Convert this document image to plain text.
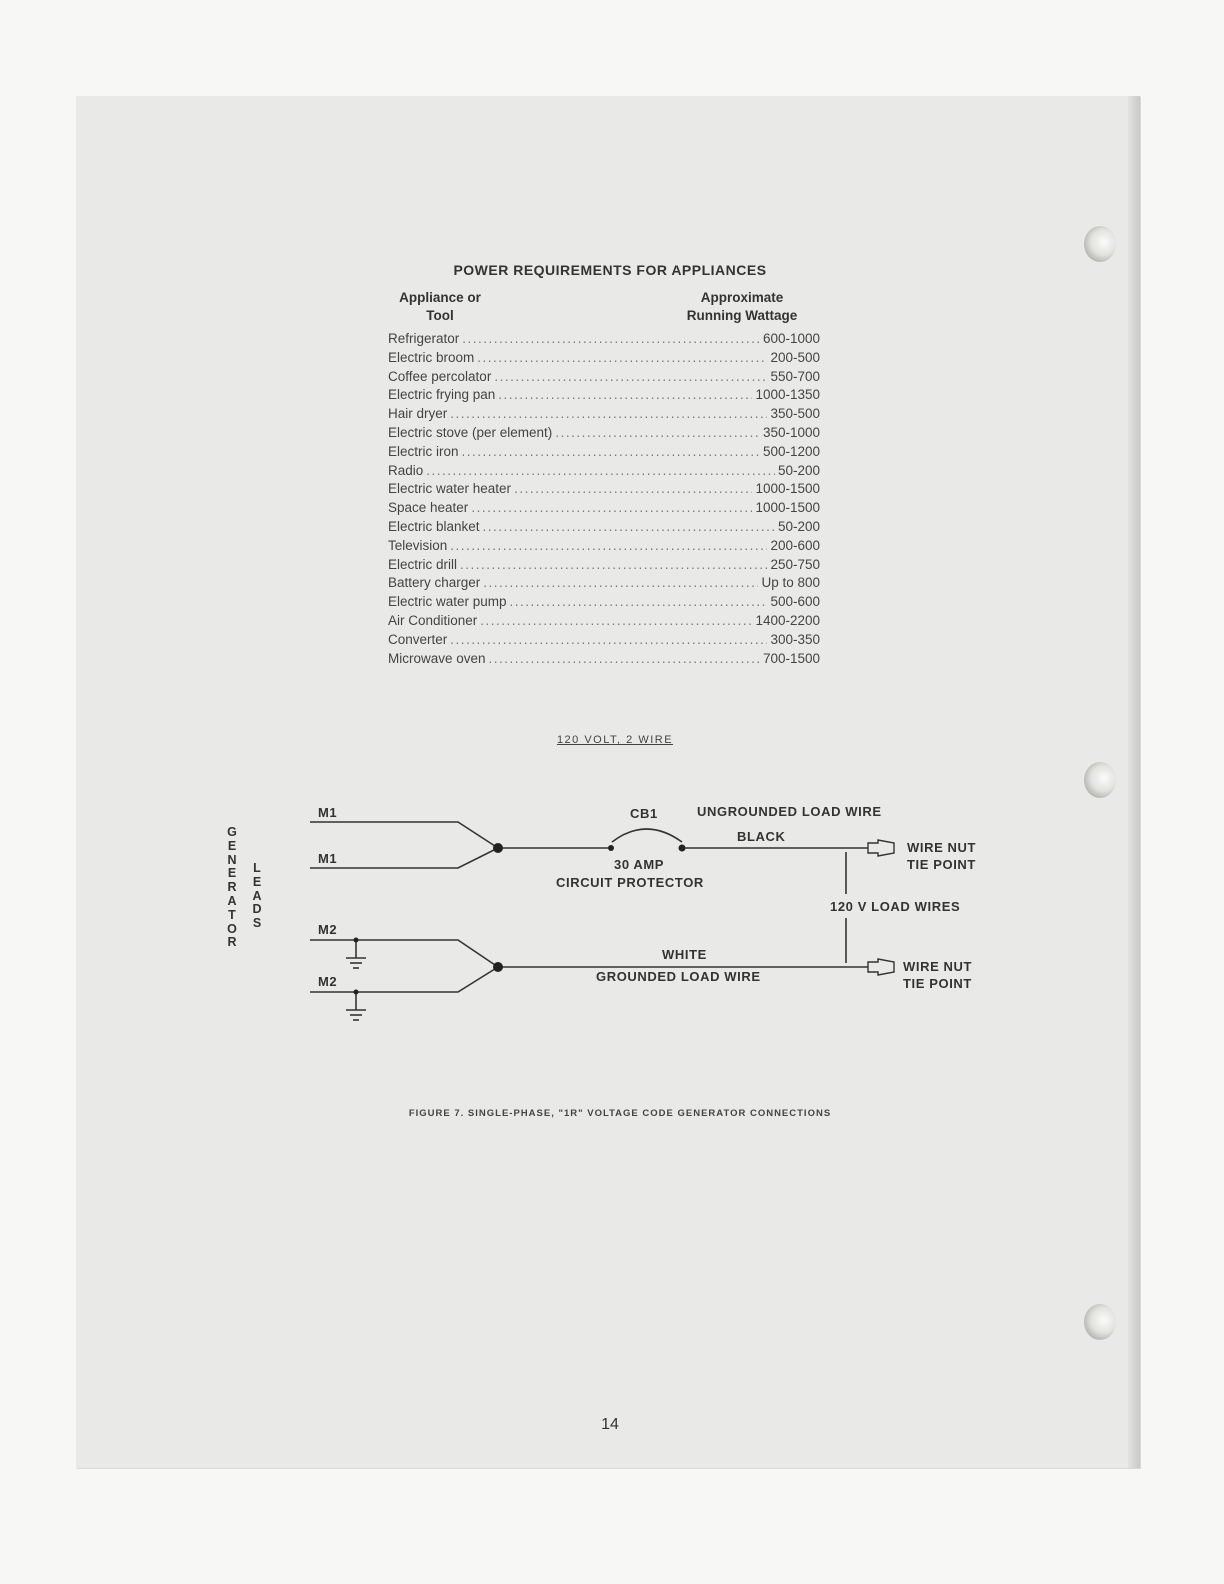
POWER REQUIREMENTS FOR APPLIANCES
Appliance or
Tool
Approximate
Running Wattage
Refrigerator .....	600-1000
Electric broom .....	200-500
Coffee percolator .....	550-700
Electric frying pan .....	1000-1350
Hair dryer .....	350-500
Electric stove (per element) .....	350-1000
Electric iron .....	500-1200
Radio .....	50-200
Electric water heater .....	1000-1500
Space heater .....	1000-1500
Electric blanket .....	50-200
Television .....	200-600
Electric drill .....	250-750
Battery charger .....	Up to 800
Electric water pump .....	500-600
Air Conditioner .....	1400-2200
Converter .....	300-350
Microwave oven .....	700-1500
120 VOLT, 2 WIRE
G
E
N
E
R
A
T
O
R
L
E
A
D
S
M1
M1
M2
M2
CB1
30 AMP
CIRCUIT PROTECTOR
UNGROUNDED LOAD WIRE
BLACK
WIRE NUT
TIE POINT
120 V LOAD WIRES
WHITE
GROUNDED LOAD WIRE
WIRE NUT
TIE POINT
FIGURE 7. SINGLE-PHASE, "1R" VOLTAGE CODE GENERATOR CONNECTIONS
14
